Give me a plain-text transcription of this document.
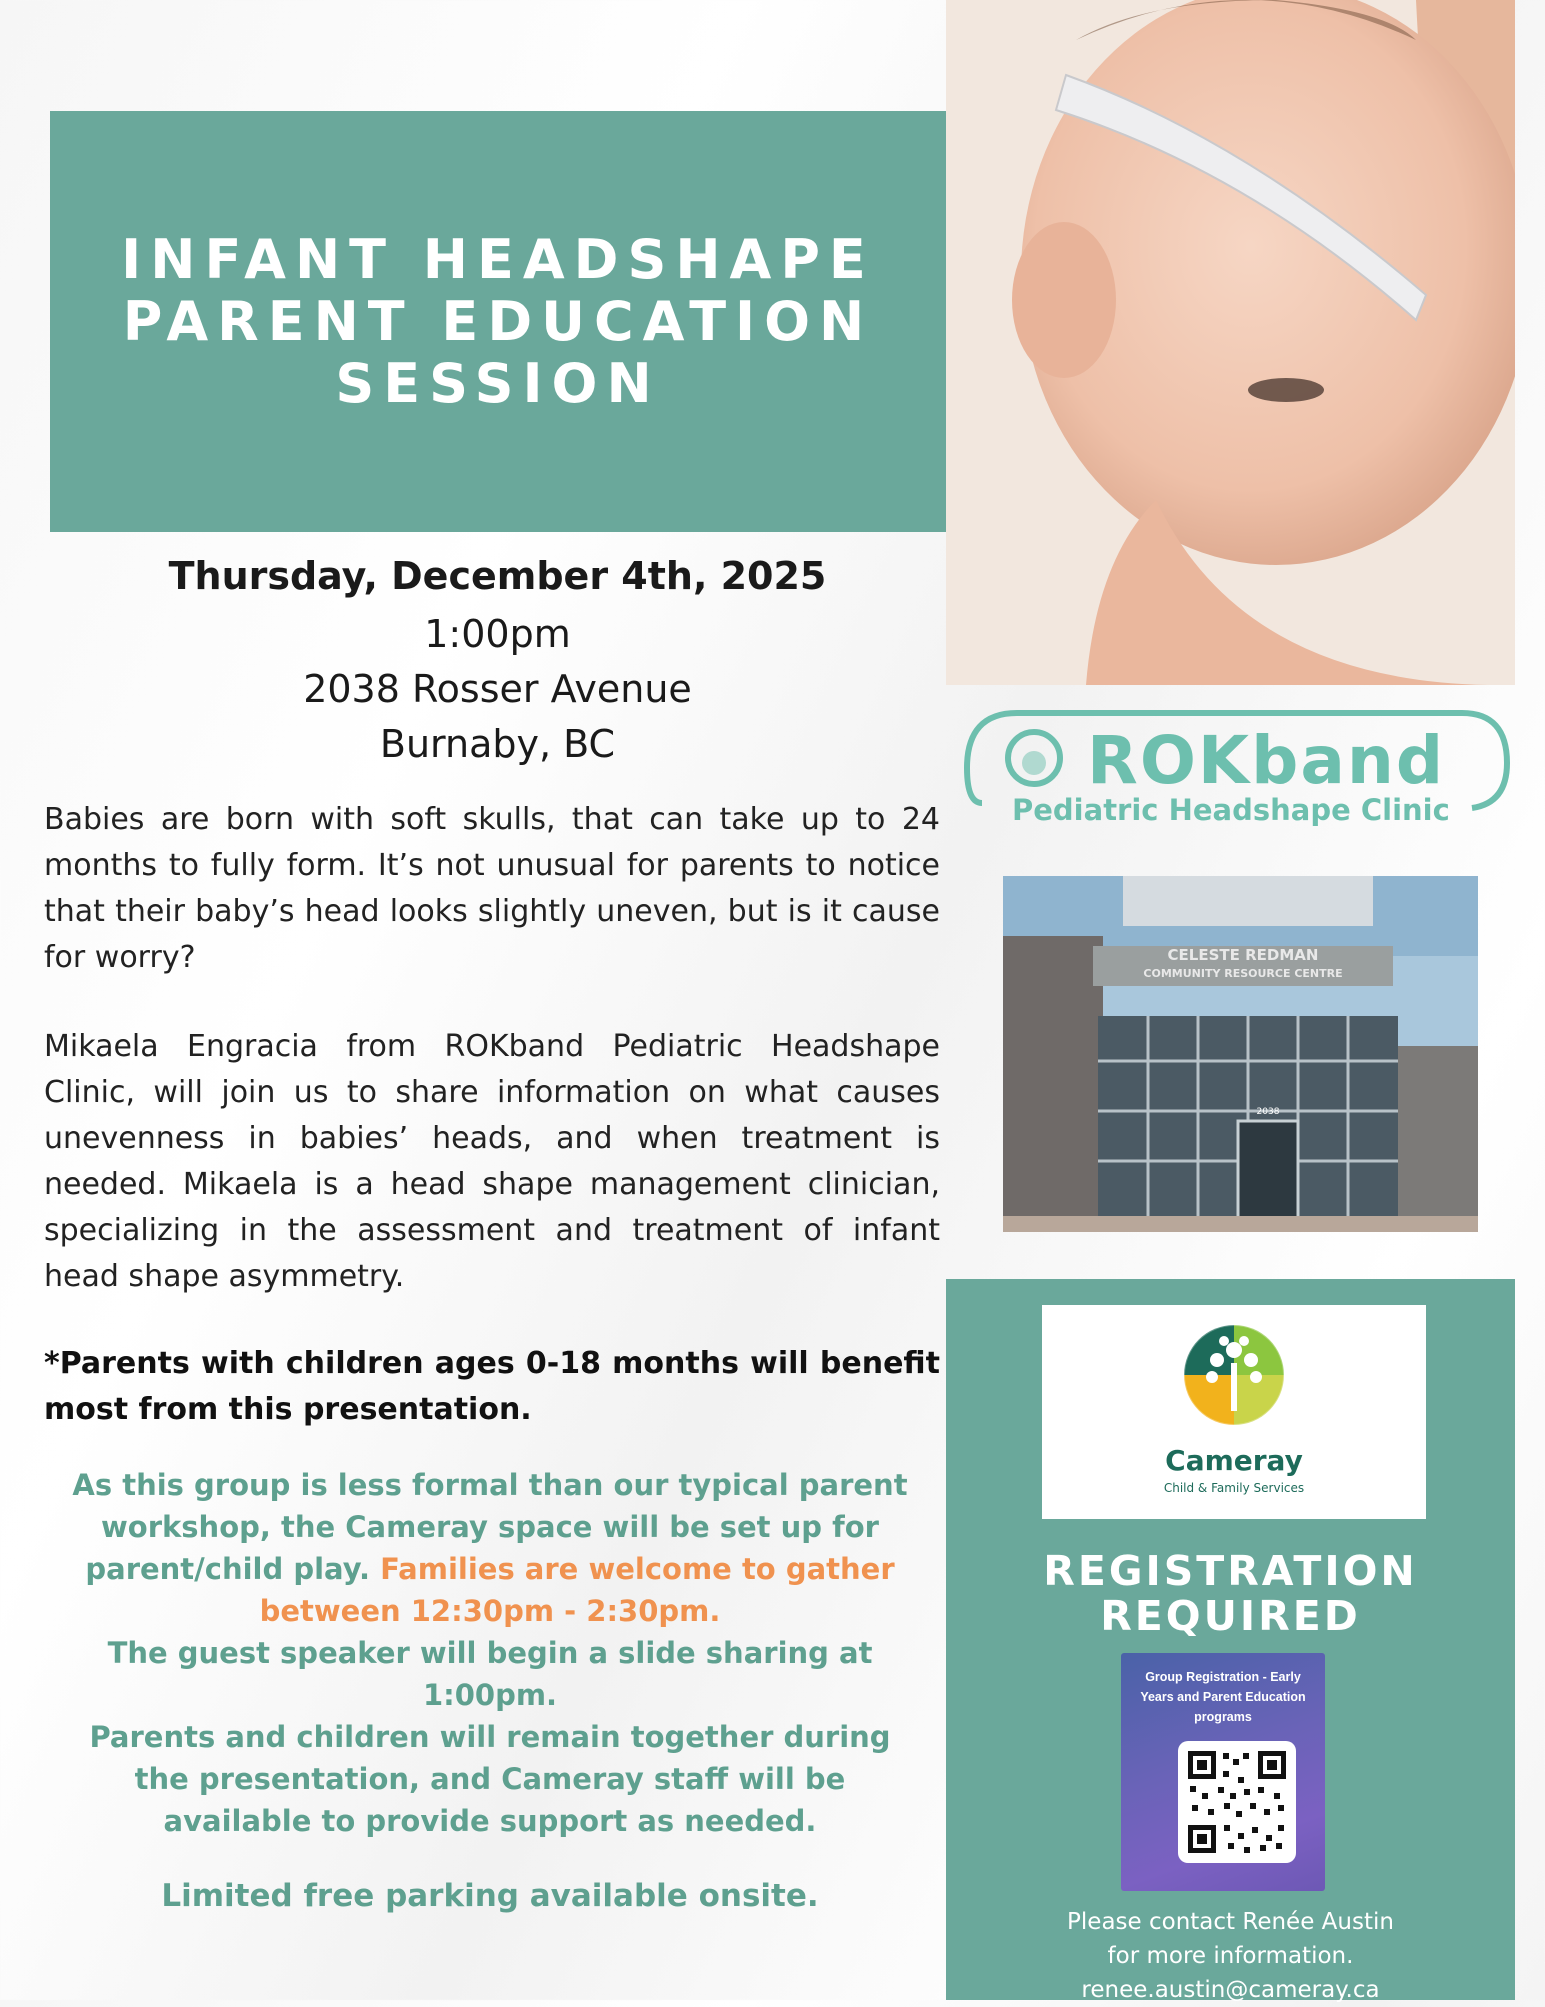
INFANT HEADSHAPE
PARENT EDUCATION
SESSION
Thursday, December 4th, 2025
1:00pm
2038 Rosser Avenue
Burnaby, BC
Babies are born with soft skulls, that can take up to 24 months to fully form. It’s not unusual for parents to notice that their baby’s head looks slightly uneven, but is it cause for worry?
Mikaela Engracia from ROKband Pediatric Headshape Clinic, will join us to share information on what causes unevenness in babies’ heads, and when treatment is needed. Mikaela is a head shape management clinician, specializing in the assessment and treatment of infant head shape asymmetry.
*Parents with children ages 0-18 months will benefit most from this presentation.
As this group is less formal than our typical parent workshop, the Cameray space will be set up for parent/child play. Families are welcome to gather between 12:30pm - 2:30pm.
The guest speaker will begin a slide sharing at 1:00pm.
Parents and children will remain together during the presentation, and Cameray staff will be available to provide support as needed.
Limited free parking available onsite.
ROKband
Pediatric Headshape Clinic
CELESTE REDMAN
COMMUNITY RESOURCE CENTRE
2038
Cameray
Child & Family Services
REGISTRATION
REQUIRED
Group Registration - Early Years and Parent Education programs
Please contact Renée Austin
for more information.
renee.austin@cameray.ca
